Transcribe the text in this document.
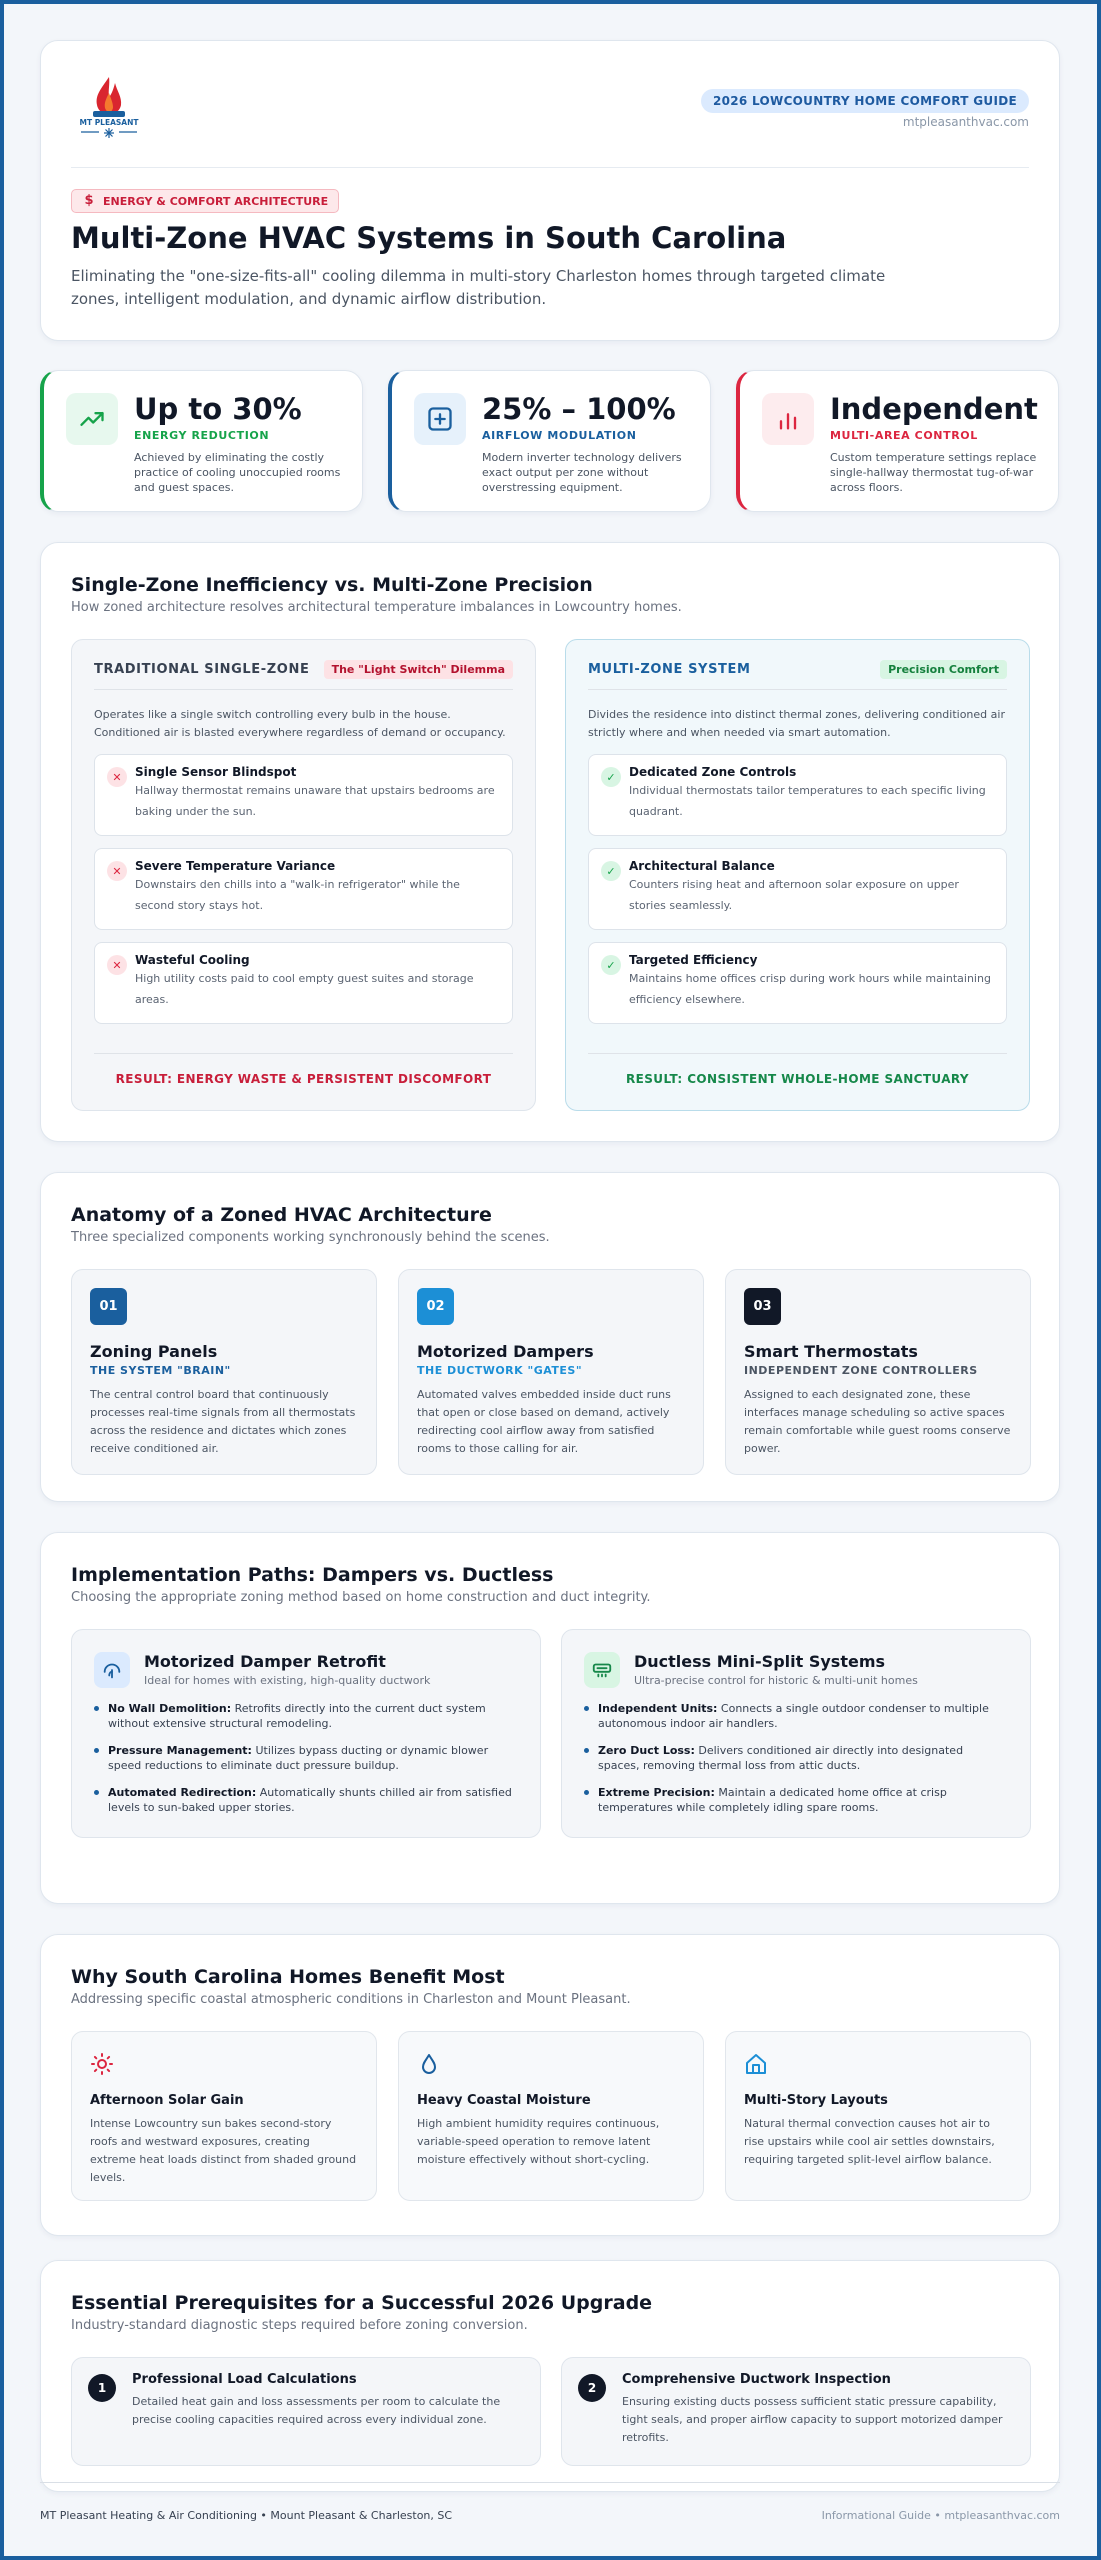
MT PLEASANT
2026 LOWCOUNTRY HOME COMFORT GUIDE
mtpleasanthvac.com
$ ENERGY & COMFORT ARCHITECTURE
Multi-Zone HVAC Systems in South Carolina

Eliminating the "one-size-fits-all" cooling dilemma in multi-story Charleston homes through targeted climate zones, intelligent modulation, and dynamic airflow distribution.

Up to 30%
ENERGY REDUCTION
Achieved by eliminating the costly practice of cooling unoccupied rooms and guest spaces.
25% – 100%
AIRFLOW MODULATION
Modern inverter technology delivers exact output per zone without overstressing equipment.
Independent
MULTI-AREA CONTROL
Custom temperature settings replace single-hallway thermostat tug-of-war across floors.
Single-Zone Inefficiency vs. Multi-Zone Precision
How zoned architecture resolves architectural temperature imbalances in Lowcountry homes.
TRADITIONAL SINGLE-ZONE	The "Light Switch" Dilemma
Operates like a single switch controlling every bulb in the house. Conditioned air is blasted everywhere regardless of demand or occupancy.
✕	Single Sensor Blindspot
Hallway thermostat remains unaware that upstairs bedrooms are baking under the sun.
✕	Severe Temperature Variance
Downstairs den chills into a "walk-in refrigerator" while the second story stays hot.
✕	Wasteful Cooling
High utility costs paid to cool empty guest suites and storage areas.
RESULT: ENERGY WASTE & PERSISTENT DISCOMFORT
MULTI-ZONE SYSTEM	Precision Comfort
Divides the residence into distinct thermal zones, delivering conditioned air strictly where and when needed via smart automation.
✓	Dedicated Zone Controls
Individual thermostats tailor temperatures to each specific living quadrant.
✓	Architectural Balance
Counters rising heat and afternoon solar exposure on upper stories seamlessly.
✓	Targeted Efficiency
Maintains home offices crisp during work hours while maintaining efficiency elsewhere.
RESULT: CONSISTENT WHOLE-HOME SANCTUARY
Anatomy of a Zoned HVAC Architecture
Three specialized components working synchronously behind the scenes.
01
Zoning Panels
THE SYSTEM "BRAIN"
The central control board that continuously processes real-time signals from all thermostats across the residence and dictates which zones receive conditioned air.
02
Motorized Dampers
THE DUCTWORK "GATES"
Automated valves embedded inside duct runs that open or close based on demand, actively redirecting cool airflow away from satisfied rooms to those calling for air.
03
Smart Thermostats
INDEPENDENT ZONE CONTROLLERS
Assigned to each designated zone, these interfaces manage scheduling so active spaces remain comfortable while guest rooms conserve power.
Implementation Paths: Dampers vs. Ductless
Choosing the appropriate zoning method based on home construction and duct integrity.
Motorized Damper Retrofit
Ideal for homes with existing, high-quality ductwork
No Wall Demolition: Retrofits directly into the current duct system without extensive structural remodeling.
Pressure Management: Utilizes bypass ducting or dynamic blower speed reductions to eliminate duct pressure buildup.
Automated Redirection: Automatically shunts chilled air from satisfied levels to sun-baked upper stories.
Ductless Mini-Split Systems
Ultra-precise control for historic & multi-unit homes
Independent Units: Connects a single outdoor condenser to multiple autonomous indoor air handlers.
Zero Duct Loss: Delivers conditioned air directly into designated spaces, removing thermal loss from attic ducts.
Extreme Precision: Maintain a dedicated home office at crisp temperatures while completely idling spare rooms.
Why South Carolina Homes Benefit Most
Addressing specific coastal atmospheric conditions in Charleston and Mount Pleasant.
Afternoon Solar Gain
Intense Lowcountry sun bakes second-story roofs and westward exposures, creating extreme heat loads distinct from shaded ground levels.
Heavy Coastal Moisture
High ambient humidity requires continuous, variable-speed operation to remove latent moisture effectively without short-cycling.
Multi-Story Layouts
Natural thermal convection causes hot air to rise upstairs while cool air settles downstairs, requiring targeted split-level airflow balance.
Essential Prerequisites for a Successful 2026 Upgrade
Industry-standard diagnostic steps required before zoning conversion.
1
Professional Load Calculations
Detailed heat gain and loss assessments per room to calculate the precise cooling capacities required across every individual zone.
2
Comprehensive Ductwork Inspection
Ensuring existing ducts possess sufficient static pressure capability, tight seals, and proper airflow capacity to support motorized damper retrofits.
MT Pleasant Heating & Air Conditioning • Mount Pleasant & Charleston, SC	Informational Guide • mtpleasanthvac.com
